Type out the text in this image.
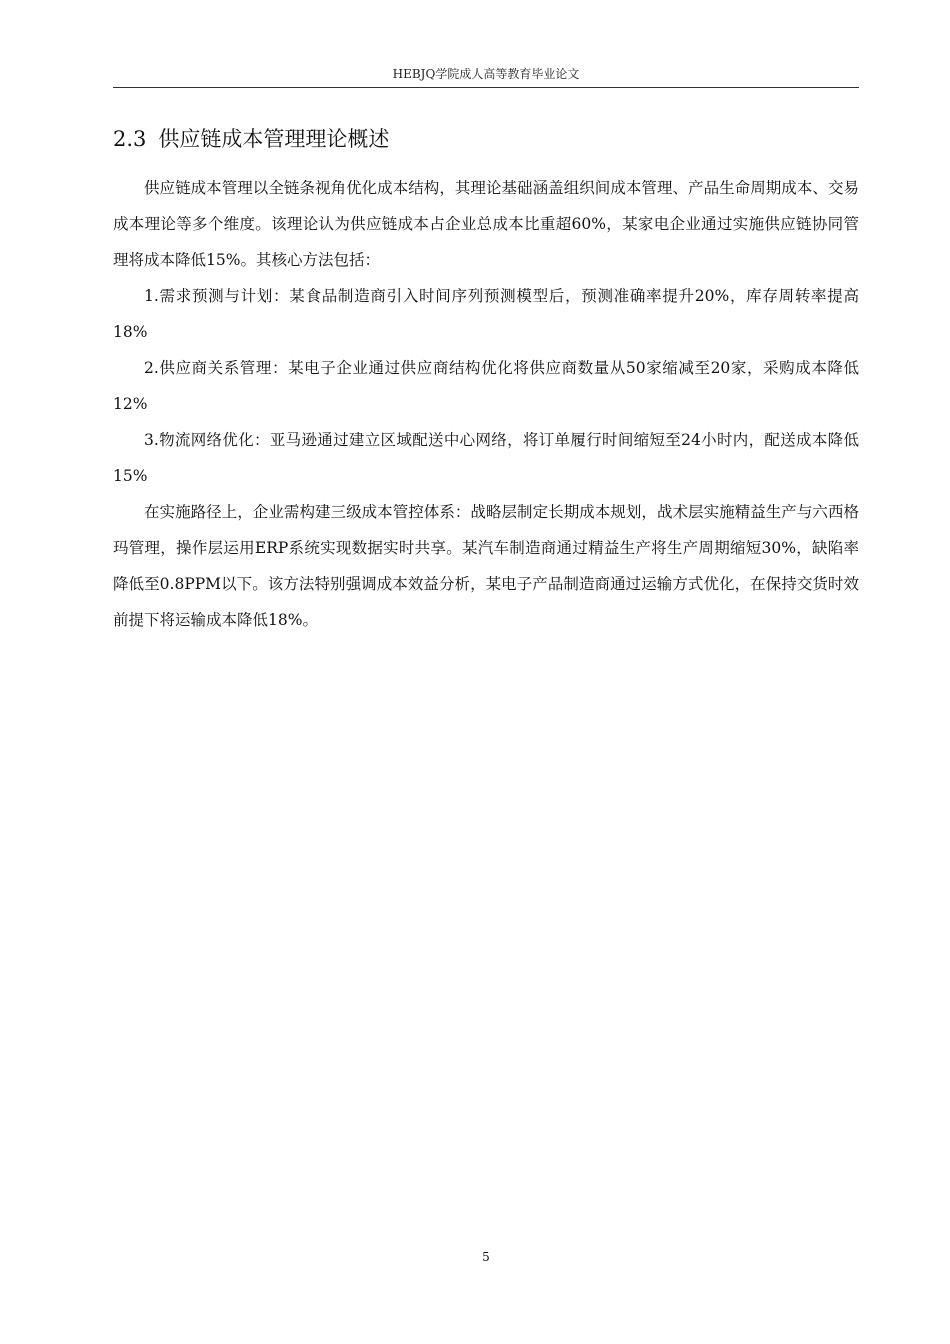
HEBJQ学院成人高等教育毕业论文
2.3 供应链成本管理理论概述

供应链成本管理以全链条视角优化成本结构，其理论基础涵盖组织间成本管理、产品生命周期成本、交易成本理论等多个维度。该理论认为供应链成本占企业总成本比重超60%，某家电企业通过实施供应链协同管理将成本降低15%。其核心方法包括：

1.需求预测与计划：某食品制造商引入时间序列预测模型后，预测准确率提升20%，库存周转率提高18%

2.供应商关系管理：某电子企业通过供应商结构优化将供应商数量从50家缩减至20家，采购成本降低12%

3.物流网络优化：亚马逊通过建立区域配送中心网络，将订单履行时间缩短至24小时内，配送成本降低15%

在实施路径上，企业需构建三级成本管控体系：战略层制定长期成本规划，战术层实施精益生产与六西格玛管理，操作层运用ERP系统实现数据实时共享。某汽车制造商通过精益生产将生产周期缩短30%，缺陷率降低至0.8PPM以下。该方法特别强调成本效益分析，某电子产品制造商通过运输方式优化，在保持交货时效前提下将运输成本降低18%。

5
